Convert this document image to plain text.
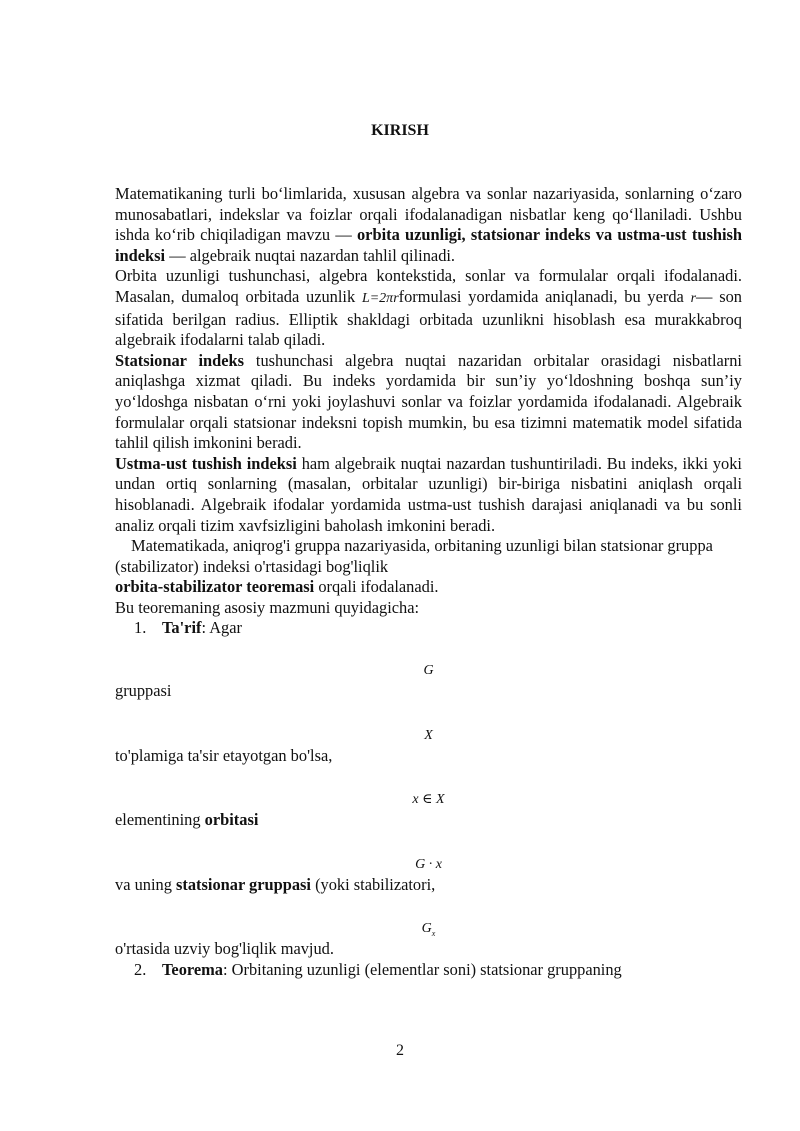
KIRISH

Matematikaning turli bo‘limlarida, xususan algebra va sonlar nazariyasida, sonlarning o‘zaro munosabatlari, indekslar va foizlar orqali ifodalanadigan nisbatlar keng qo‘llaniladi. Ushbu ishda ko‘rib chiqiladigan mavzu — orbita uzunligi, statsionar indeks va ustma-ust tushish indeksi — algebraik nuqtai nazardan tahlil qilinadi.

Orbita uzunligi tushunchasi, algebra kontekstida, sonlar va formulalar orqali ifodalanadi. Masalan, dumaloq orbitada uzunlik L=2πrformulasi yordamida aniqlanadi, bu yerda r— son sifatida berilgan radius. Elliptik shakldagi orbitada uzunlikni hisoblash esa murakkabroq algebraik ifodalarni talab qiladi.

Statsionar indeks tushunchasi algebra nuqtai nazaridan orbitalar orasidagi nisbatlarni aniqlashga xizmat qiladi. Bu indeks yordamida bir sun’iy yo‘ldoshning boshqa sun’iy yo‘ldoshga nisbatan o‘rni yoki joylashuvi sonlar va foizlar yordamida ifodalanadi. Algebraik formulalar orqali statsionar indeksni topish mumkin, bu esa tizimni matematik model sifatida tahlil qilish imkonini beradi.

Ustma-ust tushish indeksi ham algebraik nuqtai nazardan tushuntiriladi. Bu indeks, ikki yoki undan ortiq sonlarning (masalan, orbitalar uzunligi) bir-biriga nisbatini aniqlash orqali hisoblanadi. Algebraik ifodalar yordamida ustma-ust tushish darajasi aniqlanadi va bu sonli analiz orqali tizim xavfsizligini baholash imkonini beradi.

Matematikada, aniqrog'i gruppa nazariyasida, orbitaning uzunligi bilan statsionar gruppa (stabilizator) indeksi o'rtasidagi bog'liqlik
orbita-stabilizator teoremasi orqali ifodalanadi.

Bu teoremaning asosiy mazmuni quyidagicha:

1. Ta'rif: Agar

G

gruppasi

X

to'plamiga ta'sir etayotgan bo'lsa,

x ∈ X

elementining orbitasi

G · x

va uning statsionar gruppasi (yoki stabilizatori,

$G_x$

o'rtasida uzviy bog'liqlik mavjud.

2. Teorema: Orbitaning uzunligi (elementlar soni) statsionar gruppaning

2
